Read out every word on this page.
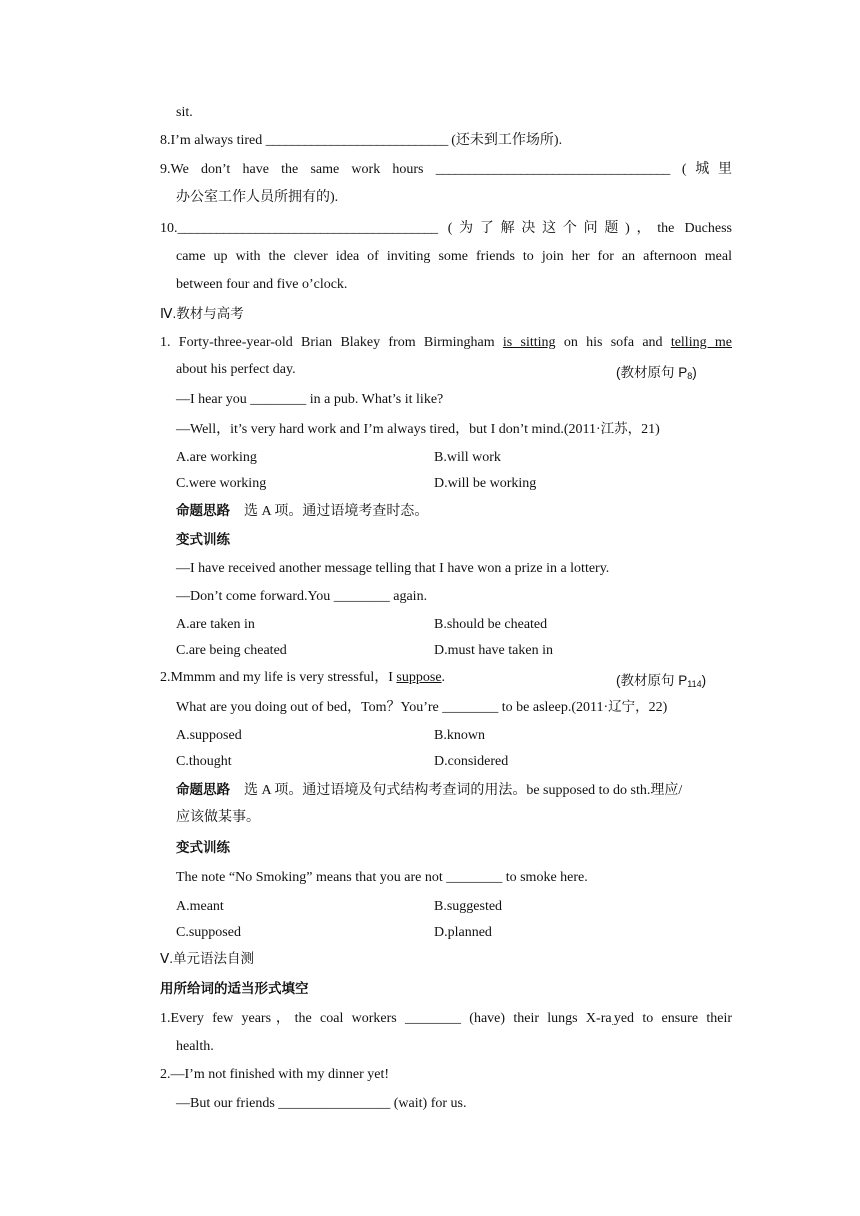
sit.
8.I’m always tired ____________________________ (还未到工作场所).
9.We don’t have the same work hours ____________________________________ (城里
办公室工作人员所拥有的).
10.________________________________________ (为了解决这个问题)，the Duchess
came up with the clever idea of inviting some friends to join her for an afternoon meal
between four and five o’clock.
Ⅳ.教材与高考
1. Forty-three-year-old Brian Blakey from Birmingham is sitting on his sofa and telling me
about his perfect day.	(教材原句 $P_8$)
—I hear you ________ in a pub. What’s it like?
—Well，it’s very hard work and I’m always tired，but I don’t mind.(2011·江苏，21)
A.are working	B.will work
C.were working	D.will be working
命题思路 选 A 项。通过语境考查时态。
变式训练
—I have received another message telling that I have won a prize in a lottery.
—Don’t come forward.You ________ again.
A.are taken in	B.should be cheated
C.are being cheated	D.must have taken in
2.Mmmm and my life is very stressful，I suppose.	(教材原句 $P_{114}$)
What are you doing out of bed，Tom？You’re ________ to be asleep.(2011·辽宁，22)
A.supposed	B.known
C.thought	D.considered
命题思路 选 A 项。通过语境及句式结构考查词的用法。be supposed to do sth.理应/
应该做某事。
变式训练
The note “No Smoking” means that you are not ________ to smoke here.
A.meant	B.suggested
C.supposed	D.planned
Ⅴ.单元语法自测
用所给词的适当形式填空
1.Every few years，the coal workers ________ (have) their lungs $X-ra_.yed$ to ensure their
health.
2.—I’m not finished with my dinner yet!
—But our friends ________________ (wait) for us.
